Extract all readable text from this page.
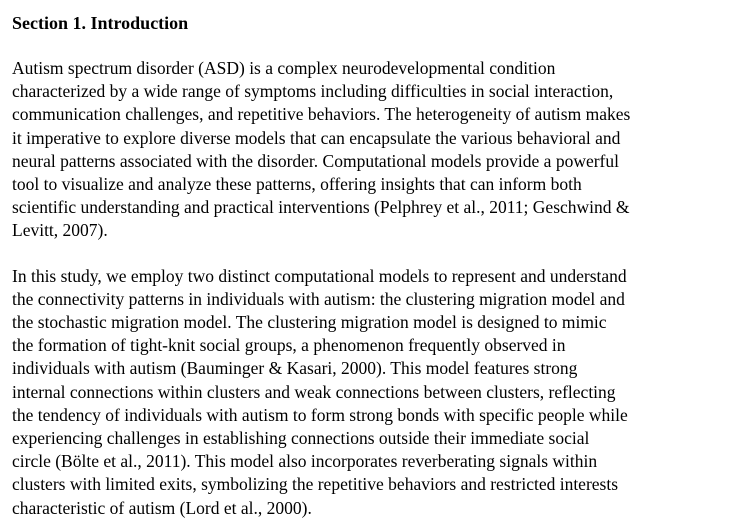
Section 1. Introduction
Autism spectrum disorder (ASD) is a complex neurodevelopmental condition
characterized by a wide range of symptoms including difficulties in social interaction,
communication challenges, and repetitive behaviors. The heterogeneity of autism makes
it imperative to explore diverse models that can encapsulate the various behavioral and
neural patterns associated with the disorder. Computational models provide a powerful
tool to visualize and analyze these patterns, offering insights that can inform both
scientific understanding and practical interventions (Pelphrey et al., 2011; Geschwind &
Levitt, 2007).
In this study, we employ two distinct computational models to represent and understand
the connectivity patterns in individuals with autism: the clustering migration model and
the stochastic migration model. The clustering migration model is designed to mimic
the formation of tight-knit social groups, a phenomenon frequently observed in
individuals with autism (Bauminger & Kasari, 2000). This model features strong
internal connections within clusters and weak connections between clusters, reflecting
the tendency of individuals with autism to form strong bonds with specific people while
experiencing challenges in establishing connections outside their immediate social
circle (Bölte et al., 2011). This model also incorporates reverberating signals within
clusters with limited exits, symbolizing the repetitive behaviors and restricted interests
characteristic of autism (Lord et al., 2000).
